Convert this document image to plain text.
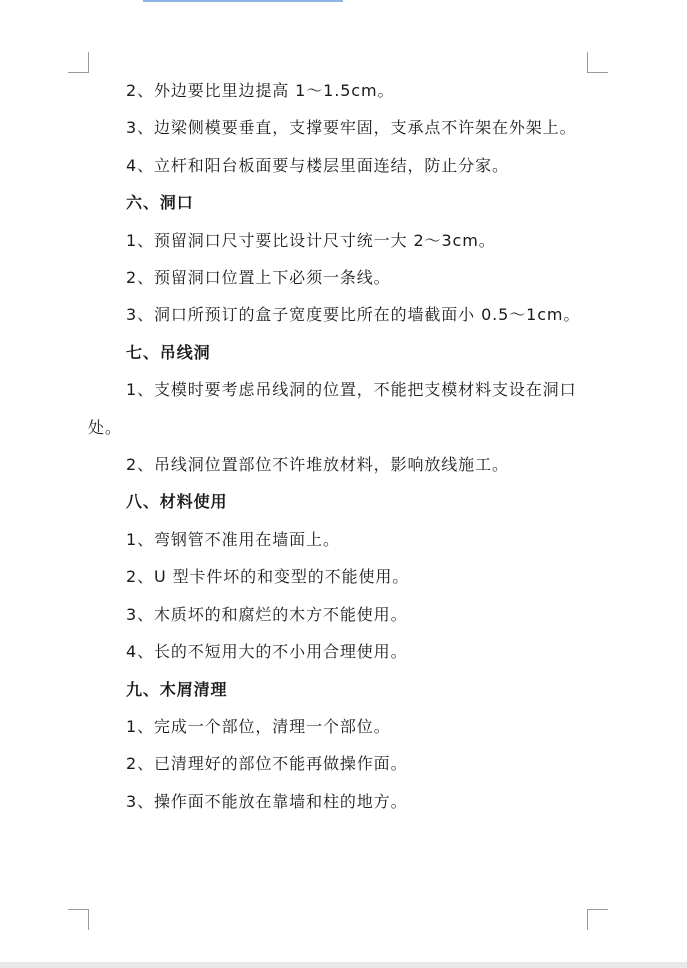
2、外边要比里边提高 1～1.5cm。

3、边梁侧模要垂直，支撑要牢固，支承点不许架在外架上。

4、立杆和阳台板面要与楼层里面连结，防止分家。

六、洞口

1、预留洞口尺寸要比设计尺寸统一大 2～3cm。

2、预留洞口位置上下必须一条线。

3、洞口所预订的盒子宽度要比所在的墙截面小 0.5～1cm。

七、吊线洞

1、支模时要考虑吊线洞的位置，不能把支模材料支设在洞口处。

2、吊线洞位置部位不许堆放材料，影响放线施工。

八、材料使用

1、弯钢管不准用在墙面上。

2、U 型卡件坏的和变型的不能使用。

3、木质坏的和腐烂的木方不能使用。

4、长的不短用大的不小用合理使用。

九、木屑清理

1、完成一个部位，清理一个部位。

2、已清理好的部位不能再做操作面。

3、操作面不能放在靠墙和柱的地方。
